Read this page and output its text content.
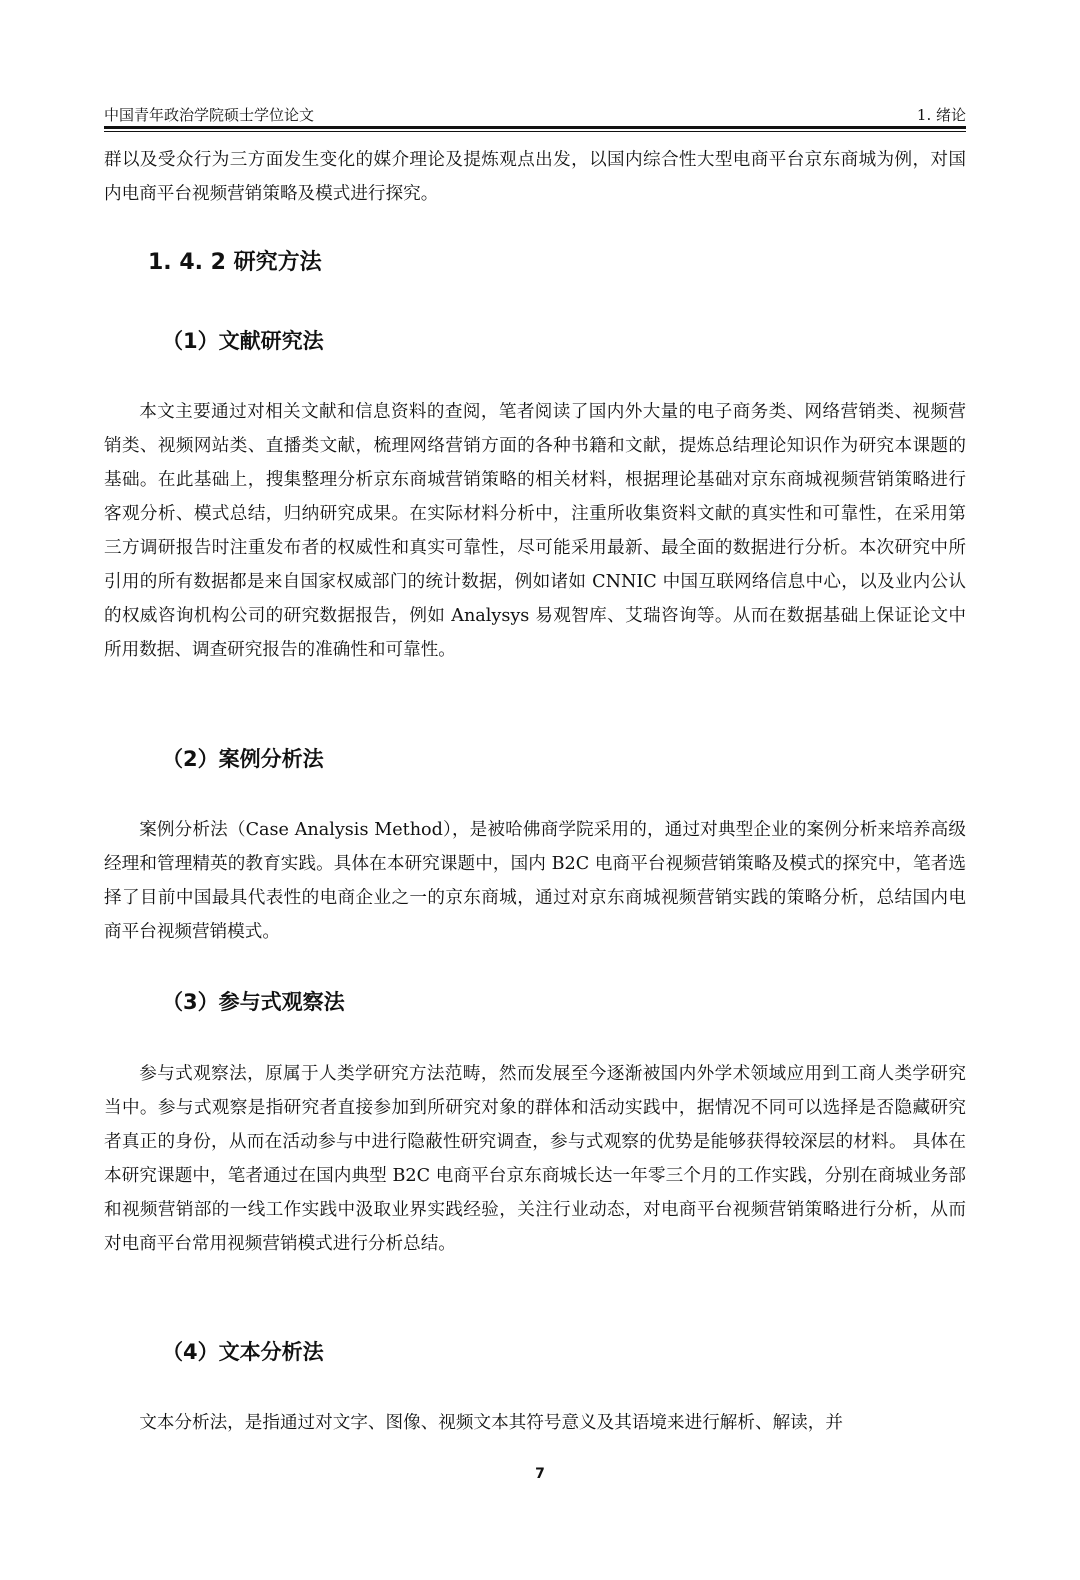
中国青年政治学院硕士学位论文	1. 绪论

群以及受众行为三方面发生变化的媒介理论及提炼观点出发，以国内综合性大型电商平台京东商城为例，对国内电商平台视频营销策略及模式进行探究。

1. 4. 2 研究方法
（1）文献研究法

本文主要通过对相关文献和信息资料的查阅，笔者阅读了国内外大量的电子商务类、网络营销类、视频营销类、视频网站类、直播类文献，梳理网络营销方面的各种书籍和文献，提炼总结理论知识作为研究本课题的基础。在此基础上，搜集整理分析京东商城营销策略的相关材料，根据理论基础对京东商城视频营销策略进行客观分析、模式总结，归纳研究成果。在实际材料分析中，注重所收集资料文献的真实性和可靠性，在采用第三方调研报告时注重发布者的权威性和真实可靠性，尽可能采用最新、最全面的数据进行分析。本次研究中所引用的所有数据都是来自国家权威部门的统计数据，例如诸如 CNNIC 中国互联网络信息中心，以及业内公认的权威咨询机构公司的研究数据报告，例如 Analysys 易观智库、艾瑞咨询等。从而在数据基础上保证论文中所用数据、调查研究报告的准确性和可靠性。

（2）案例分析法

案例分析法（Case Analysis Method），是被哈佛商学院采用的，通过对典型企业的案例分析来培养高级经理和管理精英的教育实践。具体在本研究课题中，国内 B2C 电商平台视频营销策略及模式的探究中，笔者选择了目前中国最具代表性的电商企业之一的京东商城，通过对京东商城视频营销实践的策略分析，总结国内电商平台视频营销模式。

（3）参与式观察法

参与式观察法，原属于人类学研究方法范畴，然而发展至今逐渐被国内外学术领域应用到工商人类学研究当中。参与式观察是指研究者直接参加到所研究对象的群体和活动实践中，据情况不同可以选择是否隐藏研究者真正的身份，从而在活动参与中进行隐蔽性研究调查，参与式观察的优势是能够获得较深层的材料。 具体在本研究课题中，笔者通过在国内典型 B2C 电商平台京东商城长达一年零三个月的工作实践，分别在商城业务部和视频营销部的一线工作实践中汲取业界实践经验，关注行业动态，对电商平台视频营销策略进行分析，从而对电商平台常用视频营销模式进行分析总结。

（4）文本分析法

文本分析法，是指通过对文字、图像、视频文本其符号意义及其语境来进行解析、解读，并

7
